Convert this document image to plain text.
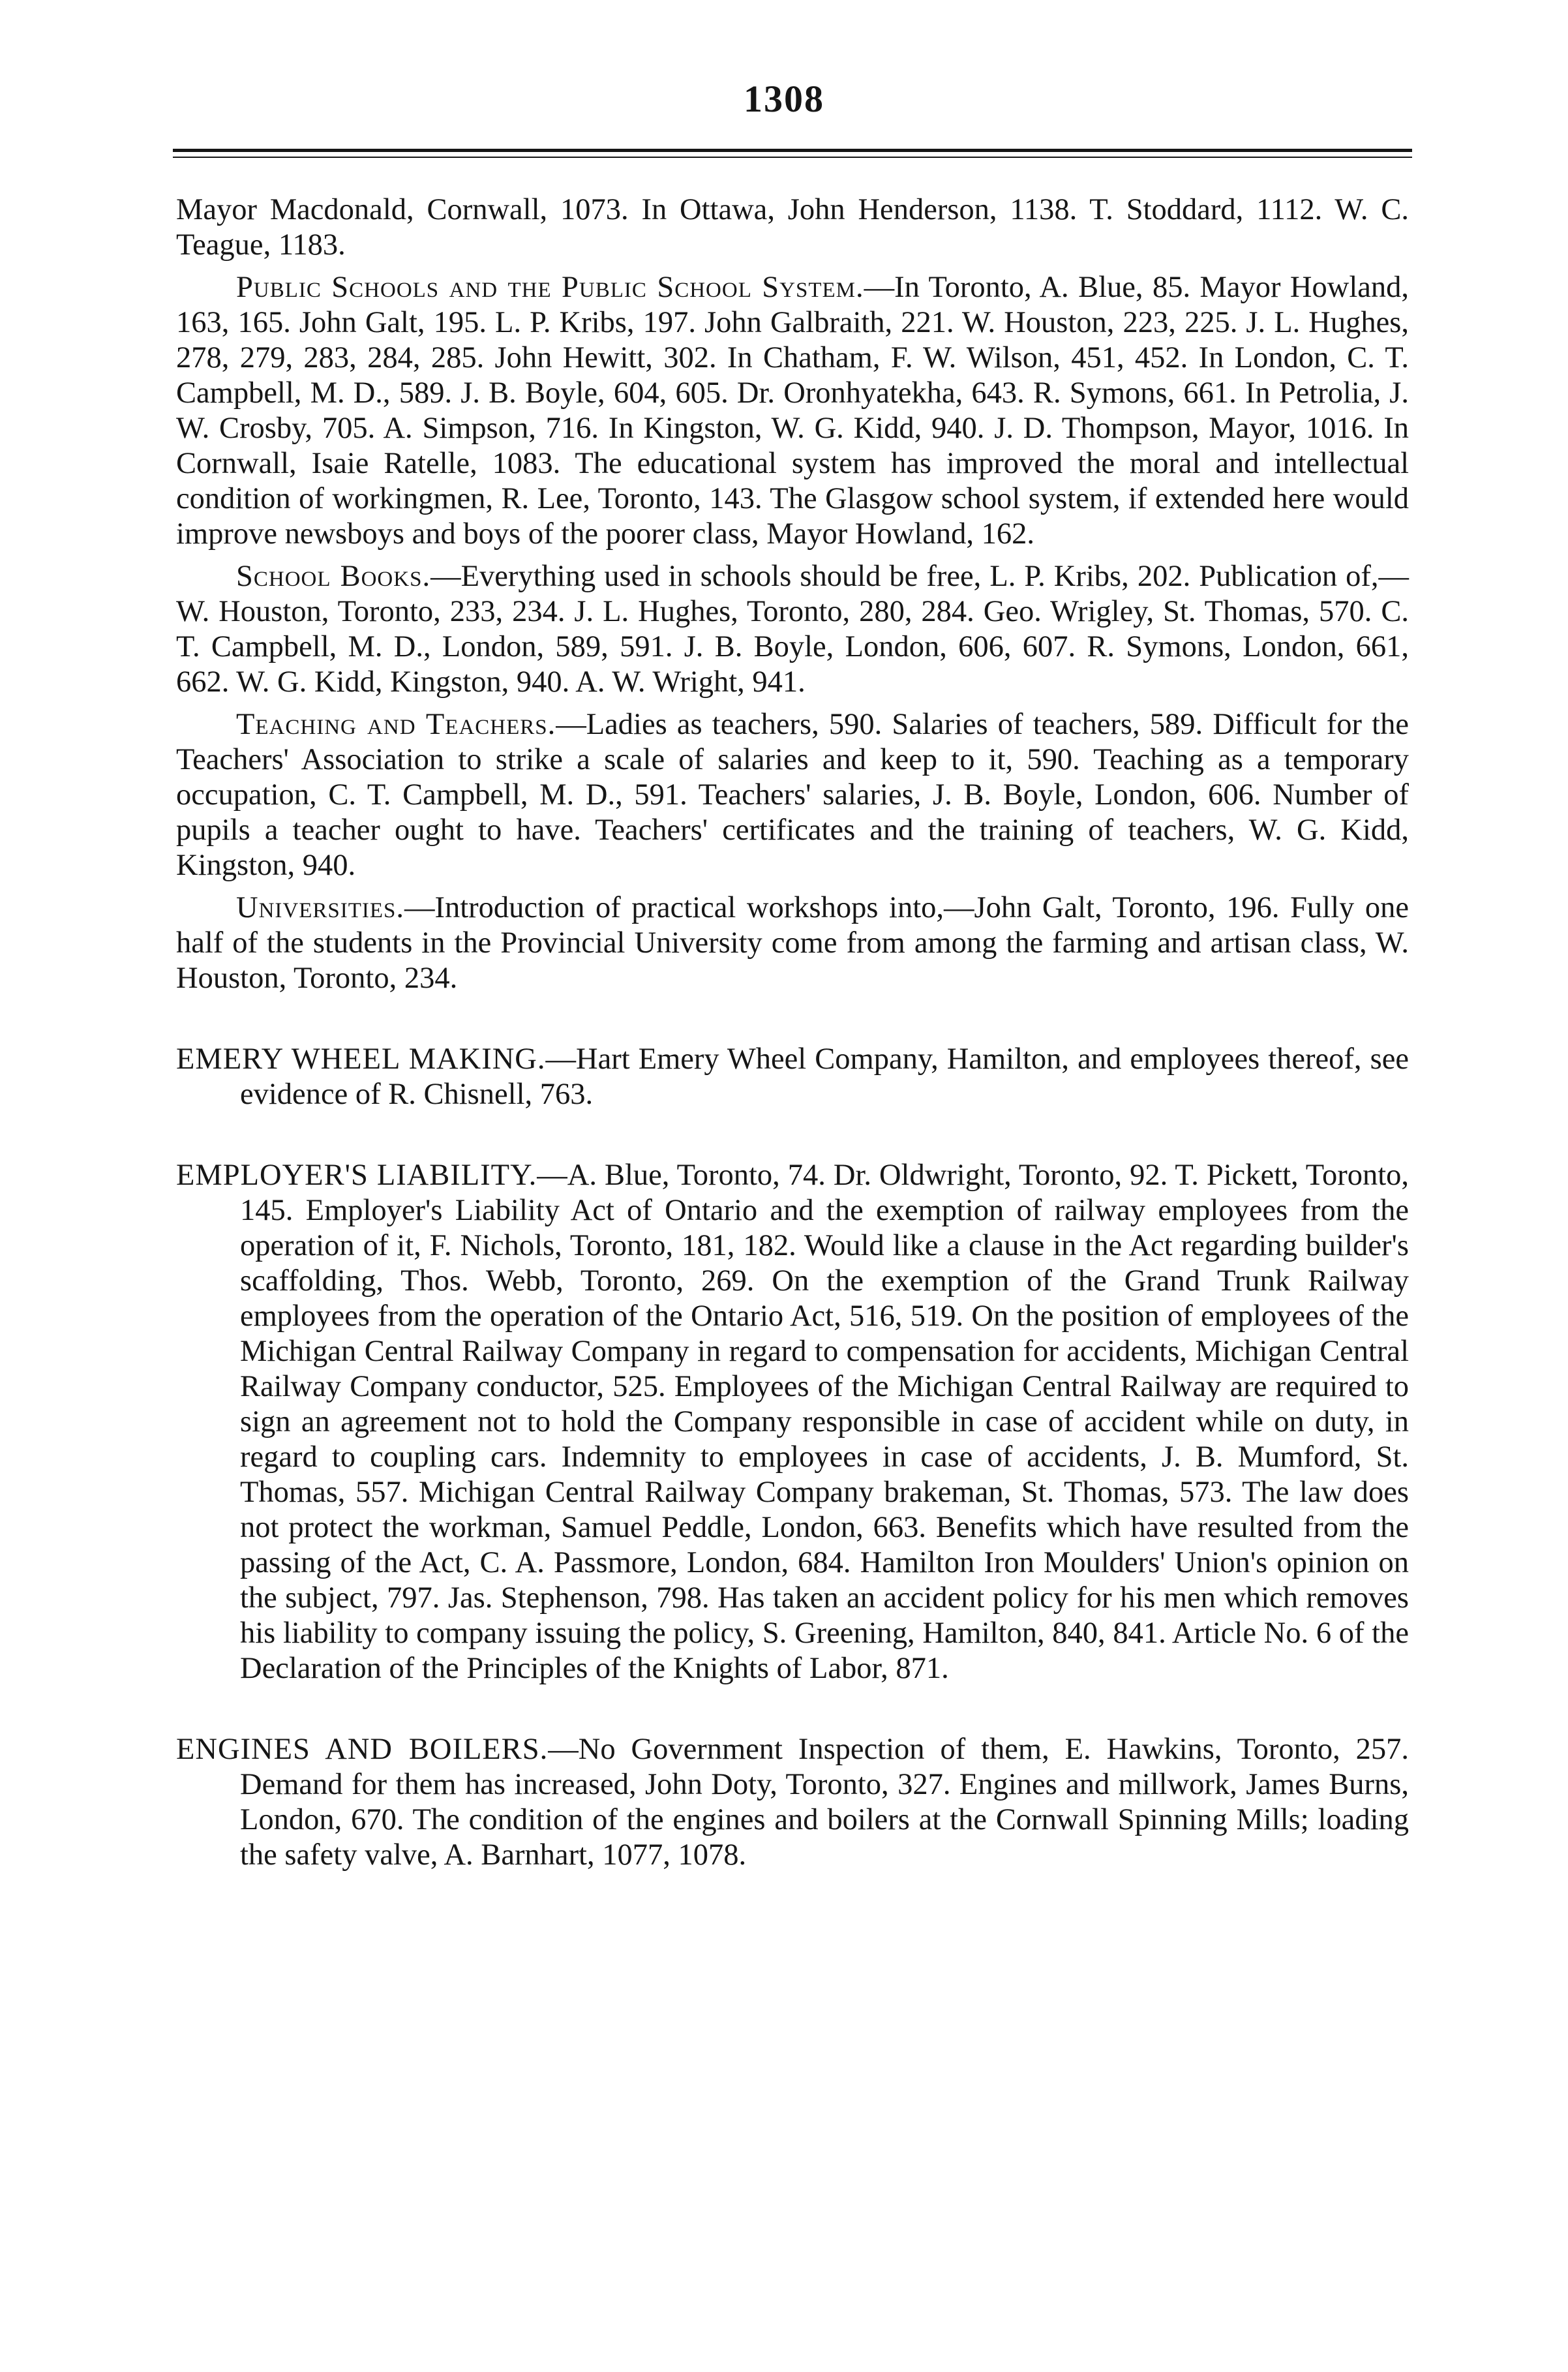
1308

Mayor Macdonald, Cornwall, 1073. In Ottawa, John Henderson, 1138. T. Stoddard, 1112. W. C. Teague, 1183.

Public Schools and the Public School System.—In Toronto, A. Blue, 85. Mayor Howland, 163, 165. John Galt, 195. L. P. Kribs, 197. John Galbraith, 221. W. Houston, 223, 225. J. L. Hughes, 278, 279, 283, 284, 285. John Hewitt, 302. In Chatham, F. W. Wilson, 451, 452. In London, C. T. Campbell, M. D., 589. J. B. Boyle, 604, 605. Dr. Oronhyatekha, 643. R. Symons, 661. In Petrolia, J. W. Crosby, 705. A. Simpson, 716. In Kingston, W. G. Kidd, 940. J. D. Thompson, Mayor, 1016. In Cornwall, Isaie Ratelle, 1083. The educational system has improved the moral and intellectual condition of workingmen, R. Lee, Toronto, 143. The Glasgow school system, if extended here would improve newsboys and boys of the poorer class, Mayor Howland, 162.

School Books.—Everything used in schools should be free, L. P. Kribs, 202. Publication of,—W. Houston, Toronto, 233, 234. J. L. Hughes, Toronto, 280, 284. Geo. Wrigley, St. Thomas, 570. C. T. Campbell, M. D., London, 589, 591. J. B. Boyle, London, 606, 607. R. Symons, London, 661, 662. W. G. Kidd, Kingston, 940. A. W. Wright, 941.

Teaching and Teachers.—Ladies as teachers, 590. Salaries of teachers, 589. Difficult for the Teachers' Association to strike a scale of salaries and keep to it, 590. Teaching as a temporary occupation, C. T. Campbell, M. D., 591. Teachers' salaries, J. B. Boyle, London, 606. Number of pupils a teacher ought to have. Teachers' certificates and the training of teachers, W. G. Kidd, Kingston, 940.

Universities.—Introduction of practical workshops into,—John Galt, Toronto, 196. Fully one half of the students in the Provincial University come from among the farming and artisan class, W. Houston, Toronto, 234.

EMERY WHEEL MAKING.—Hart Emery Wheel Company, Hamilton, and employees thereof, see evidence of R. Chisnell, 763.

EMPLOYER'S LIABILITY.—A. Blue, Toronto, 74. Dr. Oldwright, Toronto, 92. T. Pickett, Toronto, 145. Employer's Liability Act of Ontario and the exemption of railway employees from the operation of it, F. Nichols, Toronto, 181, 182. Would like a clause in the Act regarding builder's scaffolding, Thos. Webb, Toronto, 269. On the exemption of the Grand Trunk Railway employees from the operation of the Ontario Act, 516, 519. On the position of employees of the Michigan Central Railway Company in regard to compensation for accidents, Michigan Central Railway Company conductor, 525. Employees of the Michigan Central Railway are required to sign an agreement not to hold the Company responsible in case of accident while on duty, in regard to coupling cars. Indemnity to employees in case of accidents, J. B. Mumford, St. Thomas, 557. Michigan Central Railway Company brakeman, St. Thomas, 573. The law does not protect the workman, Samuel Peddle, London, 663. Benefits which have resulted from the passing of the Act, C. A. Passmore, London, 684. Hamilton Iron Moulders' Union's opinion on the subject, 797. Jas. Stephenson, 798. Has taken an accident policy for his men which removes his liability to company issuing the policy, S. Greening, Hamilton, 840, 841. Article No. 6 of the Declaration of the Principles of the Knights of Labor, 871.

ENGINES AND BOILERS.—No Government Inspection of them, E. Hawkins, Toronto, 257. Demand for them has increased, John Doty, Toronto, 327. Engines and millwork, James Burns, London, 670. The condition of the engines and boilers at the Cornwall Spinning Mills; loading the safety valve, A. Barnhart, 1077, 1078.
